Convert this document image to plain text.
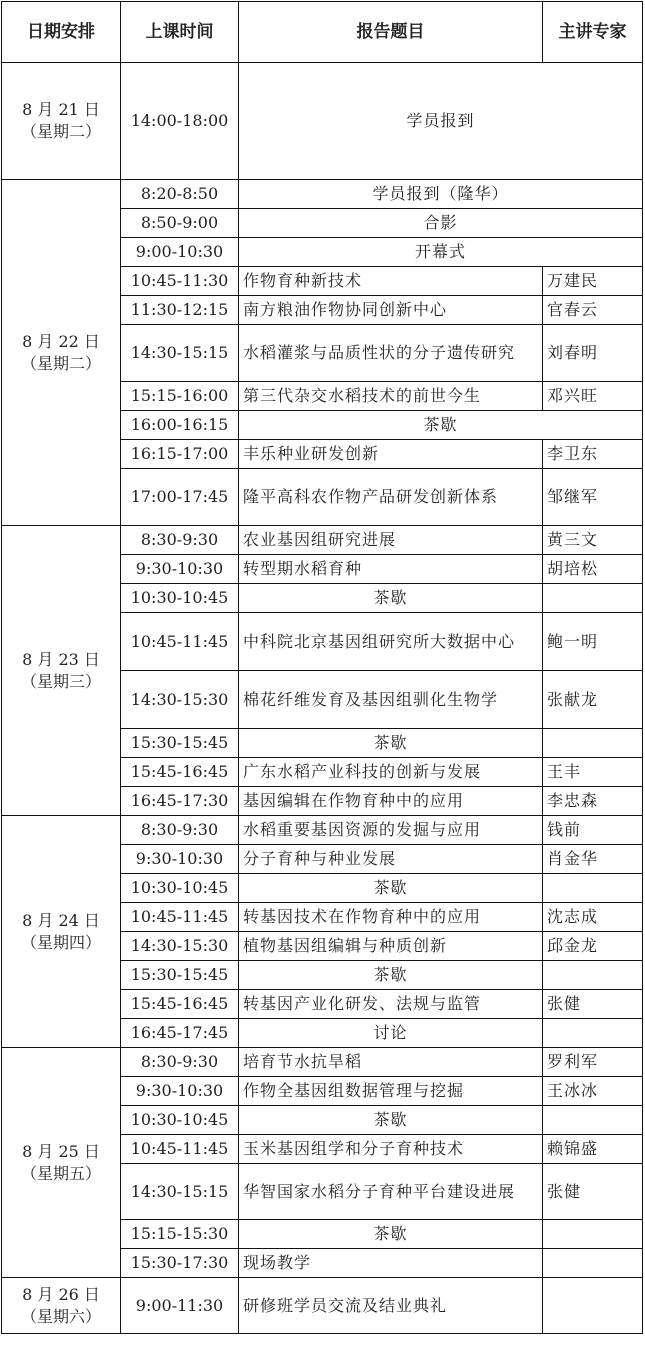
日期安排	上课时间	报告题目	主讲专家

8 月 21 日
（星期二）	14:00-18:00	学员报到	

8 月 22 日
（星期二）	8:20-8:50	学员报到（隆华）	
	8:50-9:00	合影	
	9:00-10:30	开幕式	
	10:45-11:30	作物育种新技术	万建民
	11:30-12:15	南方粮油作物协同创新中心	官春云
	14:30-15:15	水稻灌浆与品质性状的分子遗传研究	刘春明
	15:15-16:00	第三代杂交水稻技术的前世今生	邓兴旺
	16:00-16:15	茶歇	
	16:15-17:00	丰乐种业研发创新	李卫东
	17:00-17:45	隆平高科农作物产品研发创新体系	邹继军

8 月 23 日
（星期三）	8:30-9:30	农业基因组研究进展	黄三文
	9:30-10:30	转型期水稻育种	胡培松
	10:30-10:45	茶歇	
	10:45-11:45	中科院北京基因组研究所大数据中心	鲍一明
	14:30-15:30	棉花纤维发育及基因组驯化生物学	张献龙
	15:30-15:45	茶歇	
	15:45-16:45	广东水稻产业科技的创新与发展	王丰
	16:45-17:30	基因编辑在作物育种中的应用	李忠森

8 月 24 日
（星期四）	8:30-9:30	水稻重要基因资源的发掘与应用	钱前
	9:30-10:30	分子育种与种业发展	肖金华
	10:30-10:45	茶歇	
	10:45-11:45	转基因技术在作物育种中的应用	沈志成
	14:30-15:30	植物基因组编辑与种质创新	邱金龙
	15:30-15:45	茶歇	
	15:45-16:45	转基因产业化研发、法规与监管	张健
	16:45-17:45	讨论	

8 月 25 日
（星期五）	8:30-9:30	培育节水抗旱稻	罗利军
	9:30-10:30	作物全基因组数据管理与挖掘	王冰冰
	10:30-10:45	茶歇	
	10:45-11:45	玉米基因组学和分子育种技术	赖锦盛
	14:30-15:15	华智国家水稻分子育种平台建设进展	张健
	15:15-15:30	茶歇	
	15:30-17:30	现场教学	

8 月 26 日
（星期六）	9:00-11:30	研修班学员交流及结业典礼	
